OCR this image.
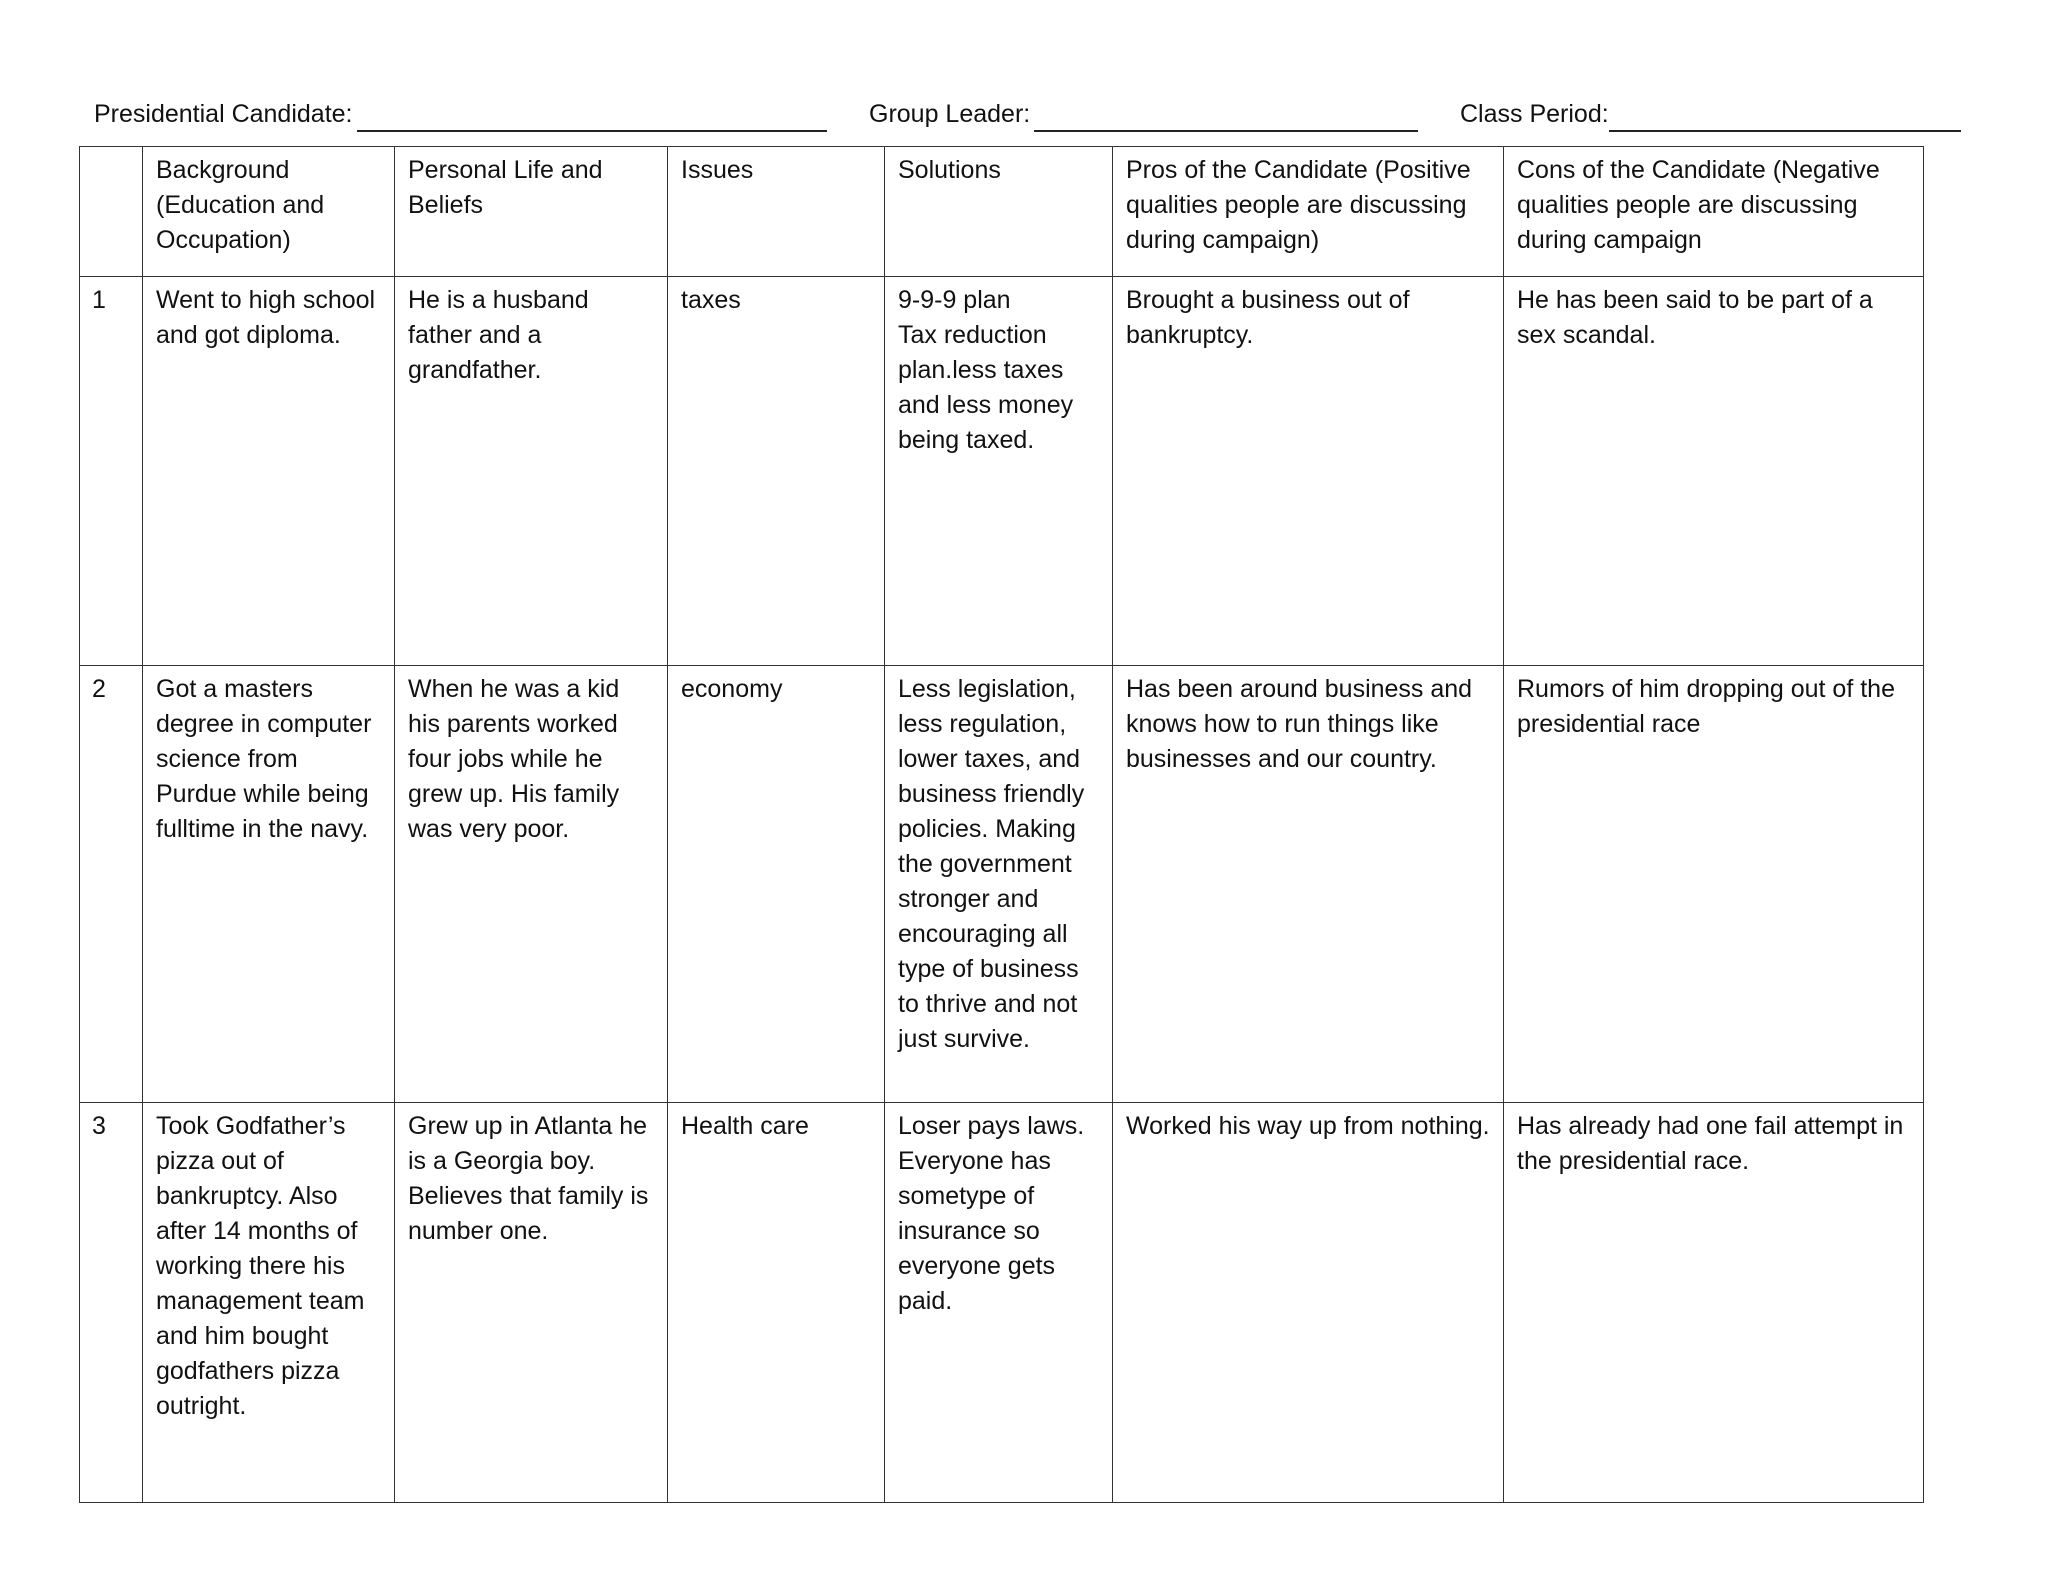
Presidential Candidate:	Group Leader:	Class Period:
	Background (Education and Occupation)	Personal Life and Beliefs	Issues	Solutions	Pros of the Candidate (Positive qualities people are discussing during campaign)	Cons of the Candidate (Negative qualities people are discussing during campaign
1	Went to high school and got diploma.	He is a husband father and a grandfather.	taxes	9-9-9 plan
Tax reduction plan.less taxes and less money being taxed.	Brought a business out of bankruptcy.	He has been said to be part of a sex scandal.
2	Got a masters degree in computer science from Purdue while being fulltime in the navy.	When he was a kid his parents worked four jobs while he grew up. His family was very poor.	economy	Less legislation, less regulation, lower taxes, and business friendly policies. Making the government stronger and encouraging all type of business to thrive and not just survive.	Has been around business and knows how to run things like businesses and our country.	Rumors of him dropping out of the presidential race
3	Took Godfather’s pizza out of bankruptcy. Also after 14 months of working there his management team and him bought godfathers pizza outright.	Grew up in Atlanta he is a Georgia boy. Believes that family is number one.	Health care	Loser pays laws. Everyone has sometype of insurance so everyone gets paid.	Worked his way up from nothing.	Has already had one fail attempt in the presidential race.
